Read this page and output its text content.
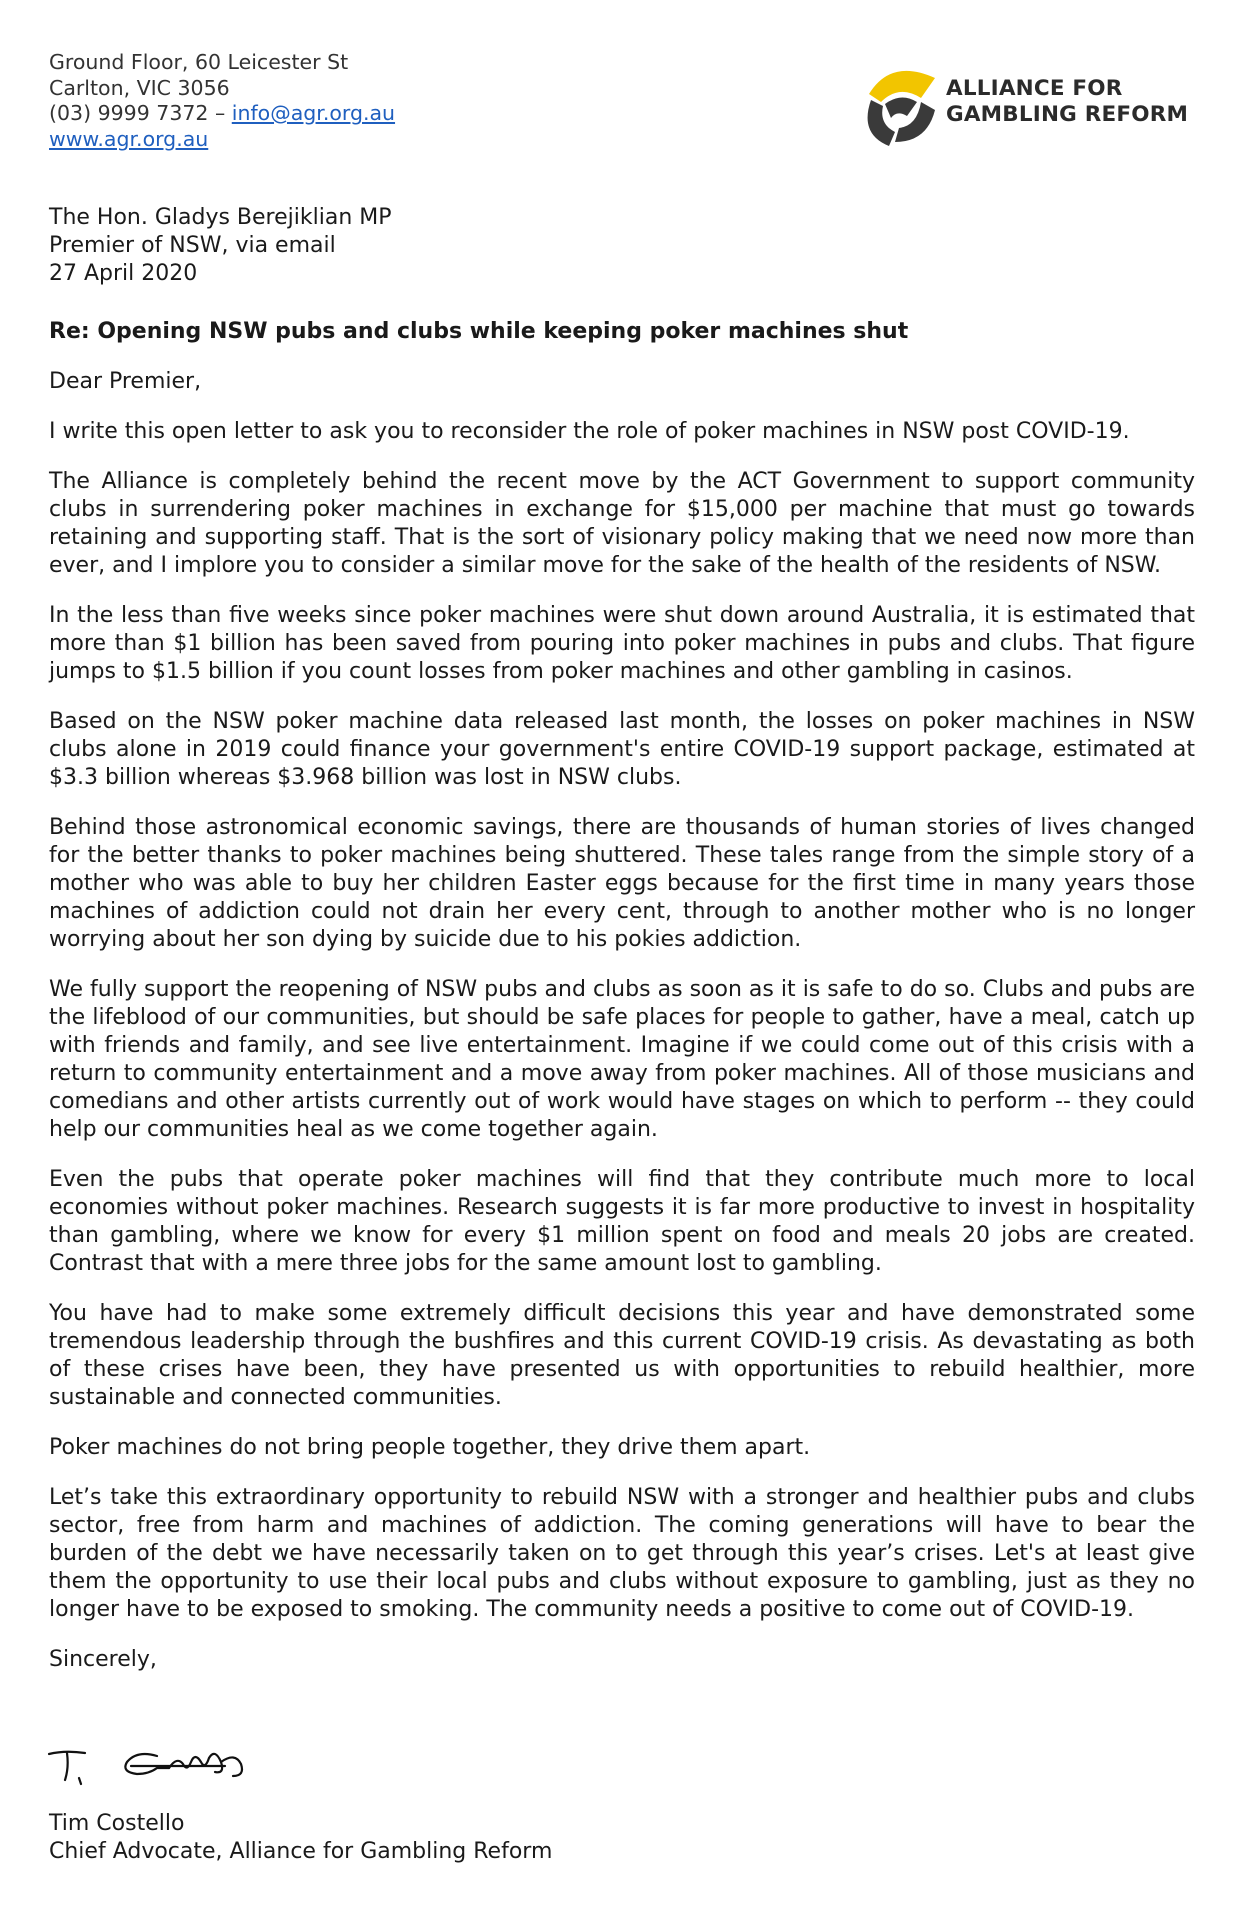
Ground Floor, 60 Leicester St
Carlton, VIC 3056
(03) 9999 7372 – info@agr.org.au
www.agr.org.au
ALLIANCE FOR
GAMBLING REFORM
The Hon. Gladys Berejiklian MP
Premier of NSW, via email
27 April 2020

Re: Opening NSW pubs and clubs while keeping poker machines shut

Dear Premier,

I write this open letter to ask you to reconsider the role of poker machines in NSW post COVID-19.

The Alliance is completely behind the recent move by the ACT Government to support community clubs in surrendering poker machines in exchange for $15,000 per machine that must go towards retaining and supporting staff. That is the sort of visionary policy making that we need now more than ever, and I implore you to consider a similar move for the sake of the health of the residents of NSW.

In the less than five weeks since poker machines were shut down around Australia, it is estimated that more than $1 billion has been saved from pouring into poker machines in pubs and clubs. That figure jumps to $1.5 billion if you count losses from poker machines and other gambling in casinos.

Based on the NSW poker machine data released last month, the losses on poker machines in NSW clubs alone in 2019 could finance your government's entire COVID-19 support package, estimated at $3.3 billion whereas $3.968 billion was lost in NSW clubs.

Behind those astronomical economic savings, there are thousands of human stories of lives changed for the better thanks to poker machines being shuttered. These tales range from the simple story of a mother who was able to buy her children Easter eggs because for the first time in many years those machines of addiction could not drain her every cent, through to another mother who is no longer worrying about her son dying by suicide due to his pokies addiction.

We fully support the reopening of NSW pubs and clubs as soon as it is safe to do so. Clubs and pubs are the lifeblood of our communities, but should be safe places for people to gather, have a meal, catch up with friends and family, and see live entertainment. Imagine if we could come out of this crisis with a return to community entertainment and a move away from poker machines. All of those musicians and comedians and other artists currently out of work would have stages on which to perform -- they could help our communities heal as we come together again.

Even the pubs that operate poker machines will find that they contribute much more to local economies without poker machines. Research suggests it is far more productive to invest in hospitality than gambling, where we know for every $1 million spent on food and meals 20 jobs are created. Contrast that with a mere three jobs for the same amount lost to gambling.

You have had to make some extremely difficult decisions this year and have demonstrated some tremendous leadership through the bushfires and this current COVID-19 crisis. As devastating as both of these crises have been, they have presented us with opportunities to rebuild healthier, more sustainable and connected communities.

Poker machines do not bring people together, they drive them apart.

Let’s take this extraordinary opportunity to rebuild NSW with a stronger and healthier pubs and clubs sector, free from harm and machines of addiction. The coming generations will have to bear the burden of the debt we have necessarily taken on to get through this year’s crises. Let's at least give them the opportunity to use their local pubs and clubs without exposure to gambling, just as they no longer have to be exposed to smoking. The community needs a positive to come out of COVID-19.

Sincerely,

Tim Costello
Chief Advocate, Alliance for Gambling Reform
